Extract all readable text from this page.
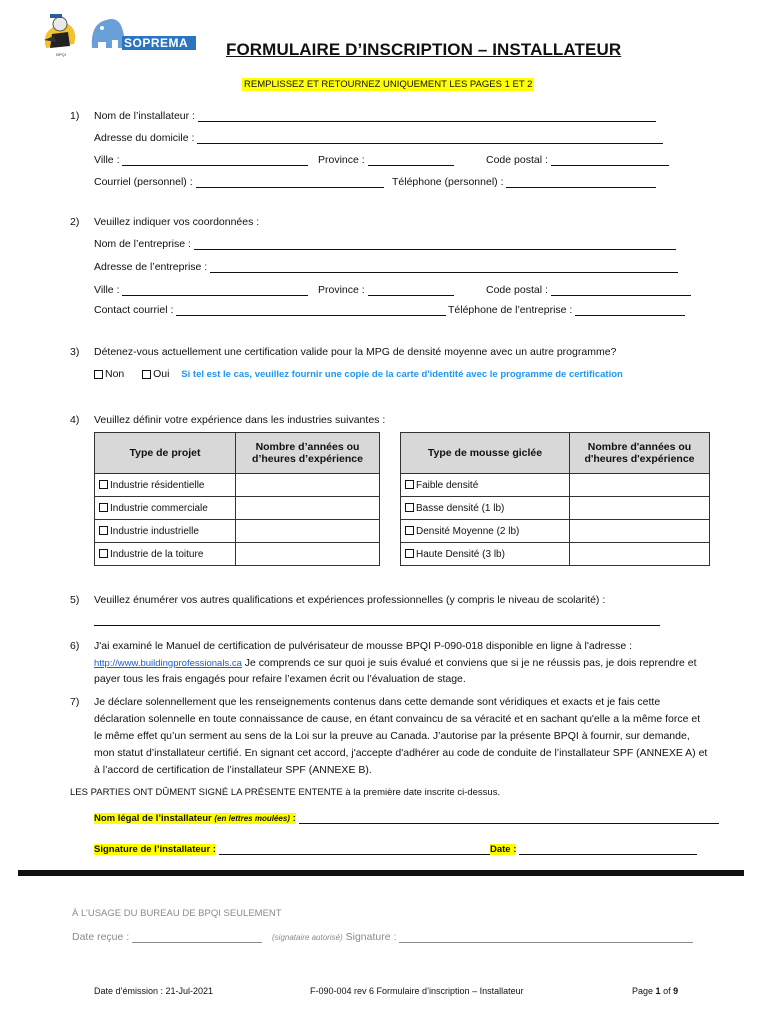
BPQI
SOPREMA FORMULAIRE D’INSCRIPTION – INSTALLATEUR
REMPLISSEZ ET RETOURNEZ UNIQUEMENT LES PAGES 1 ET 2
1) Nom de l’installateur :
Adresse du domicile :
Ville :	Province :	Code postal :
Courriel (personnel) :	Téléphone (personnel) :
2) Veuillez indiquer vos coordonnées :
Nom de l’entreprise :
Adresse de l’entreprise :
Ville :	Province :	Code postal :
Contact courriel :	Téléphone de l’entreprise :
3) Détenez-vous actuellement une certification valide pour la MPG de densité moyenne avec un autre programme?
Non	Oui Si tel est le cas, veuillez fournir une copie de la carte d'identité avec le programme de certification
4) Veuillez définir votre expérience dans les industries suivantes :
Type de projet	Nombre d’années ou d’heures d’expérience
Industrie résidentielle	
Industrie commerciale	
Industrie industrielle	
Industrie de la toiture	
Type de mousse giclée	Nombre d'années ou d'heures d'expérience
Faible densité	
Basse densité (1 lb)	
Densité Moyenne (2 lb)	
Haute Densité (3 lb)	
5) Veuillez énumérer vos autres qualifications et expériences professionnelles (y compris le niveau de scolarité) :
6) J'ai examiné le Manuel de certification de pulvérisateur de mousse BPQI P-090-018 disponible en ligne à l'adresse :
http://www.buildingprofessionals.ca Je comprends ce sur quoi je suis évalué et conviens que si je ne réussis pas, je dois reprendre et
payer tous les frais engagés pour refaire l’examen écrit ou l’évaluation de stage.
7) Je déclare solennellement que les renseignements contenus dans cette demande sont véridiques et exacts et je fais cette
déclaration solennelle en toute connaissance de cause, en étant convaincu de sa véracité et en sachant qu'elle a la même force et
le même effet qu’un serment au sens de la Loi sur la preuve au Canada. J’autorise par la présente BPQI à fournir, sur demande,
mon statut d’installateur certifié. En signant cet accord, j'accepte d'adhérer au code de conduite de l’installateur SPF (ANNEXE A) et
à l’accord de certification de l’installateur SPF (ANNEXE B).
LES PARTIES ONT DÛMENT SIGNÉ LA PRÉSENTE ENTENTE à la première date inscrite ci-dessus.
Nom légal de l’installateur (en lettres moulées) :
Signature de l’installateur :	Date :
À L’USAGE DU BUREAU DE BPQI SEULEMENT
Date reçue :	(signataire autorisé) Signature :
Date d’émission : 21-Jul-2021	F-090-004 rev 6 Formulaire d’inscription – Installateur	Page 1 of 9
